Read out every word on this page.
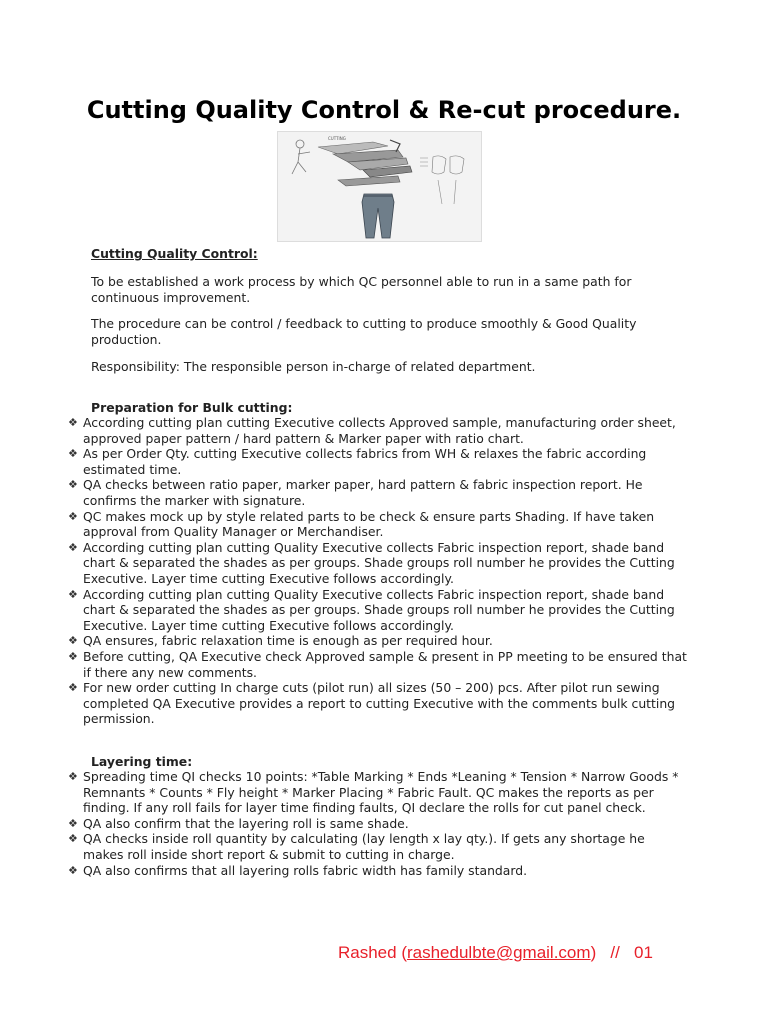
Cutting Quality Control & Re-cut procedure.
CUTTING
Cutting Quality Control:
To be established a work process by which QC personnel able to run in a same path for continuous improvement.
The procedure can be control / feedback to cutting to produce smoothly & Good Quality production.
Responsibility: The responsible person in-charge of related department.
Preparation for Bulk cutting:
❖ According cutting plan cutting Executive collects Approved sample, manufacturing order sheet, approved paper pattern / hard pattern & Marker paper with ratio chart.
❖ As per Order Qty. cutting Executive collects fabrics from WH & relaxes the fabric according estimated time.
❖ QA checks between ratio paper, marker paper, hard pattern & fabric inspection report. He confirms the marker with signature.
❖ QC makes mock up by style related parts to be check & ensure parts Shading. If have taken approval from Quality Manager or Merchandiser.
❖ According cutting plan cutting Quality Executive collects Fabric inspection report, shade band chart & separated the shades as per groups. Shade groups roll number he provides the Cutting Executive. Layer time cutting Executive follows accordingly.
❖ According cutting plan cutting Quality Executive collects Fabric inspection report, shade band chart & separated the shades as per groups. Shade groups roll number he provides the Cutting Executive. Layer time cutting Executive follows accordingly.
❖ QA ensures, fabric relaxation time is enough as per required hour.
❖ Before cutting, QA Executive check Approved sample & present in PP meeting to be ensured that if there any new comments.
❖ For new order cutting In charge cuts (pilot run) all sizes (50 – 200) pcs. After pilot run sewing completed QA Executive provides a report to cutting Executive with the comments bulk cutting permission.
Layering time:
❖ Spreading time QI checks 10 points: *Table Marking * Ends *Leaning * Tension * Narrow Goods * Remnants * Counts * Fly height * Marker Placing * Fabric Fault. QC makes the reports as per finding. If any roll fails for layer time finding faults, QI declare the rolls for cut panel check.
❖ QA also confirm that the layering roll is same shade.
❖ QA checks inside roll quantity by calculating (lay length x lay qty.). If gets any shortage he makes roll inside short report & submit to cutting in charge.
❖ QA also confirms that all layering rolls fabric width has family standard.
Rashed (rashedulbte@gmail.com)   //   01
